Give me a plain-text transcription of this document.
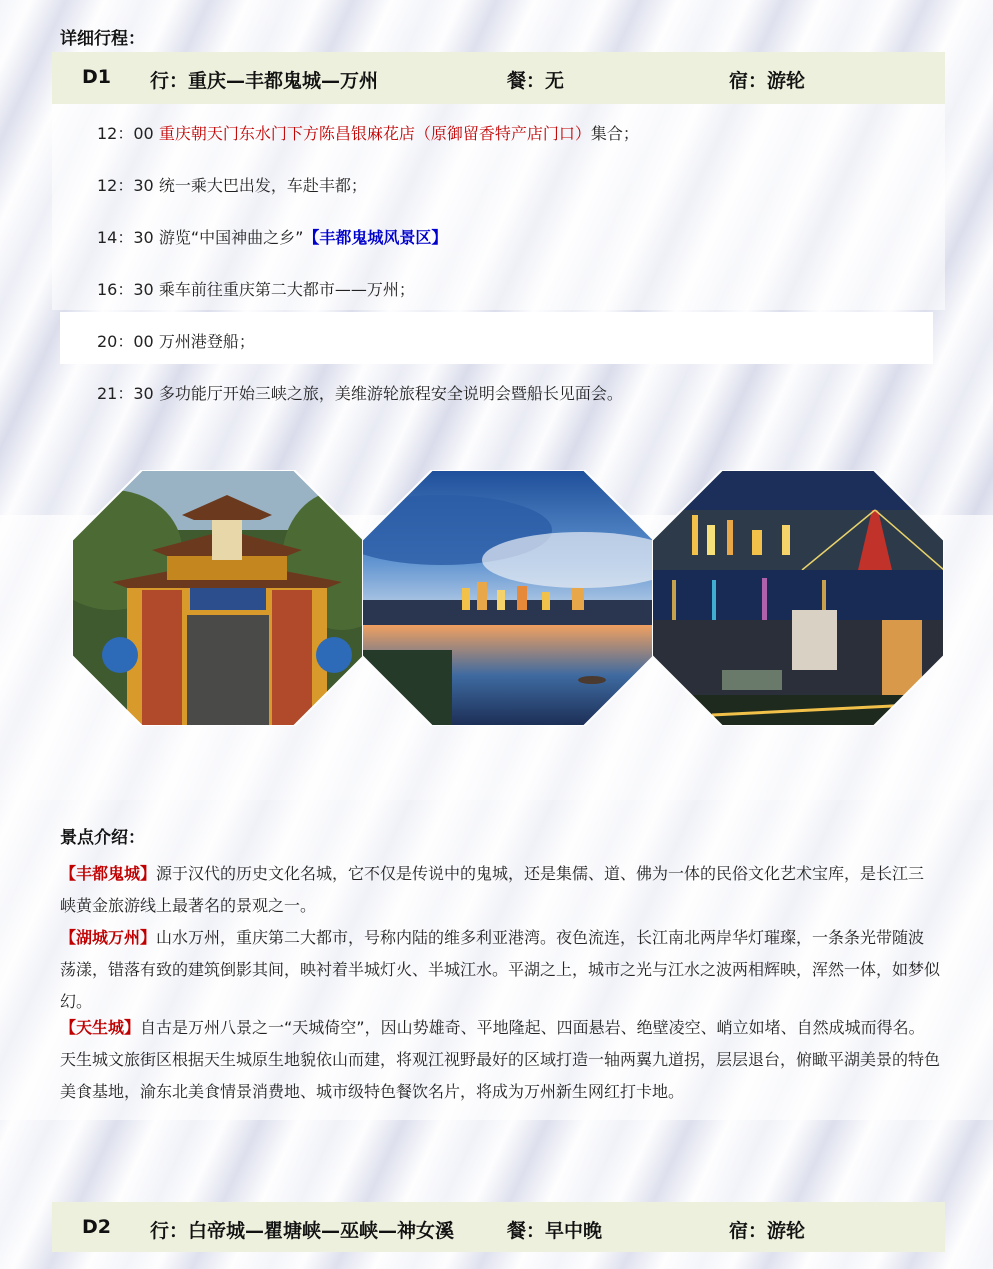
详细行程：
D1 行：重庆—丰都鬼城—万州	餐：无	宿：游轮
12：00 重庆朝天门东水门下方陈昌银麻花店（原御留香特产店门口）集合；
12：30 统一乘大巴出发，车赴丰都；
14：30 游览“中国神曲之乡”【丰都鬼城风景区】
16：30 乘车前往重庆第二大都市——万州；
20：00 万州港登船；
21：30 多功能厅开始三峡之旅，美维游轮旅程安全说明会暨船长见面会。
景点介绍：
【丰都鬼城】源于汉代的历史文化名城，它不仅是传说中的鬼城，还是集儒、道、佛为一体的民俗文化艺术宝库，是长江三峡黄金旅游线上最著名的景观之一。
【湖城万州】山水万州，重庆第二大都市，号称内陆的维多利亚港湾。夜色流连，长江南北两岸华灯璀璨，一条条光带随波荡漾，错落有致的建筑倒影其间，映衬着半城灯火、半城江水。平湖之上，城市之光与江水之波两相辉映，浑然一体，如梦似幻。
【天生城】自古是万州八景之一“天城倚空”，因山势雄奇、平地隆起、四面悬岩、绝壁凌空、峭立如堵、自然成城而得名。 天生城文旅街区根据天生城原生地貌依山而建，将观江视野最好的区域打造一轴两翼九道拐，层层退台，俯瞰平湖美景的特色美食基地，渝东北美食情景消费地、城市级特色餐饮名片，将成为万州新生网红打卡地。
D2 行：白帝城—瞿塘峡—巫峡—神女溪	餐：早中晚	宿：游轮
